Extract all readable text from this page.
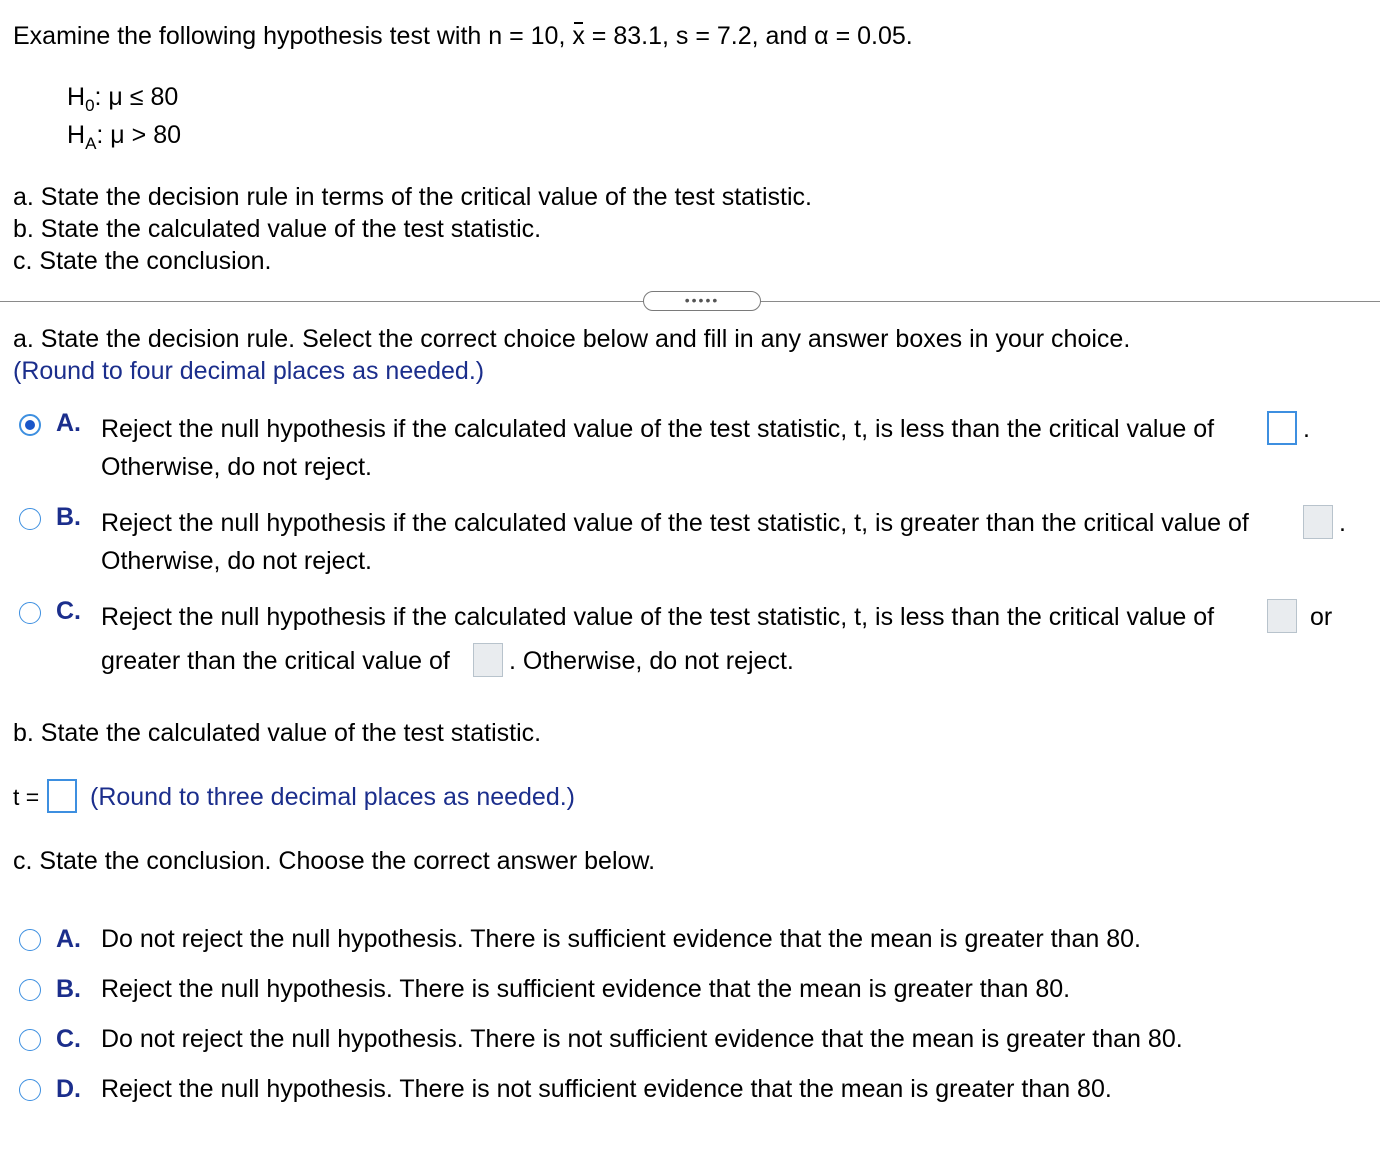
Examine the following hypothesis test with n = 10, x = 83.1, s = 7.2, and α = 0.05.
$H_0$: μ ≤ 80
$H_A$: μ > 80
a. State the decision rule in terms of the critical value of the test statistic.
b. State the calculated value of the test statistic.
c. State the conclusion.
•••••
a. State the decision rule. Select the correct choice below and fill in any answer boxes in your choice.
(Round to four decimal places as needed.)
A. Reject the null hypothesis if the calculated value of the test statistic, t, is less than the critical value of	.
Otherwise, do not reject.
B. Reject the null hypothesis if the calculated value of the test statistic, t, is greater than the critical value of	.
Otherwise, do not reject.
C. Reject the null hypothesis if the calculated value of the test statistic, t, is less than the critical value of	or
greater than the critical value of . Otherwise, do not reject.
b. State the calculated value of the test statistic.
t = (Round to three decimal places as needed.)
c. State the conclusion. Choose the correct answer below.
A. Do not reject the null hypothesis. There is sufficient evidence that the mean is greater than 80.
B. Reject the null hypothesis. There is sufficient evidence that the mean is greater than 80.
C. Do not reject the null hypothesis. There is not sufficient evidence that the mean is greater than 80.
D. Reject the null hypothesis. There is not sufficient evidence that the mean is greater than 80.
